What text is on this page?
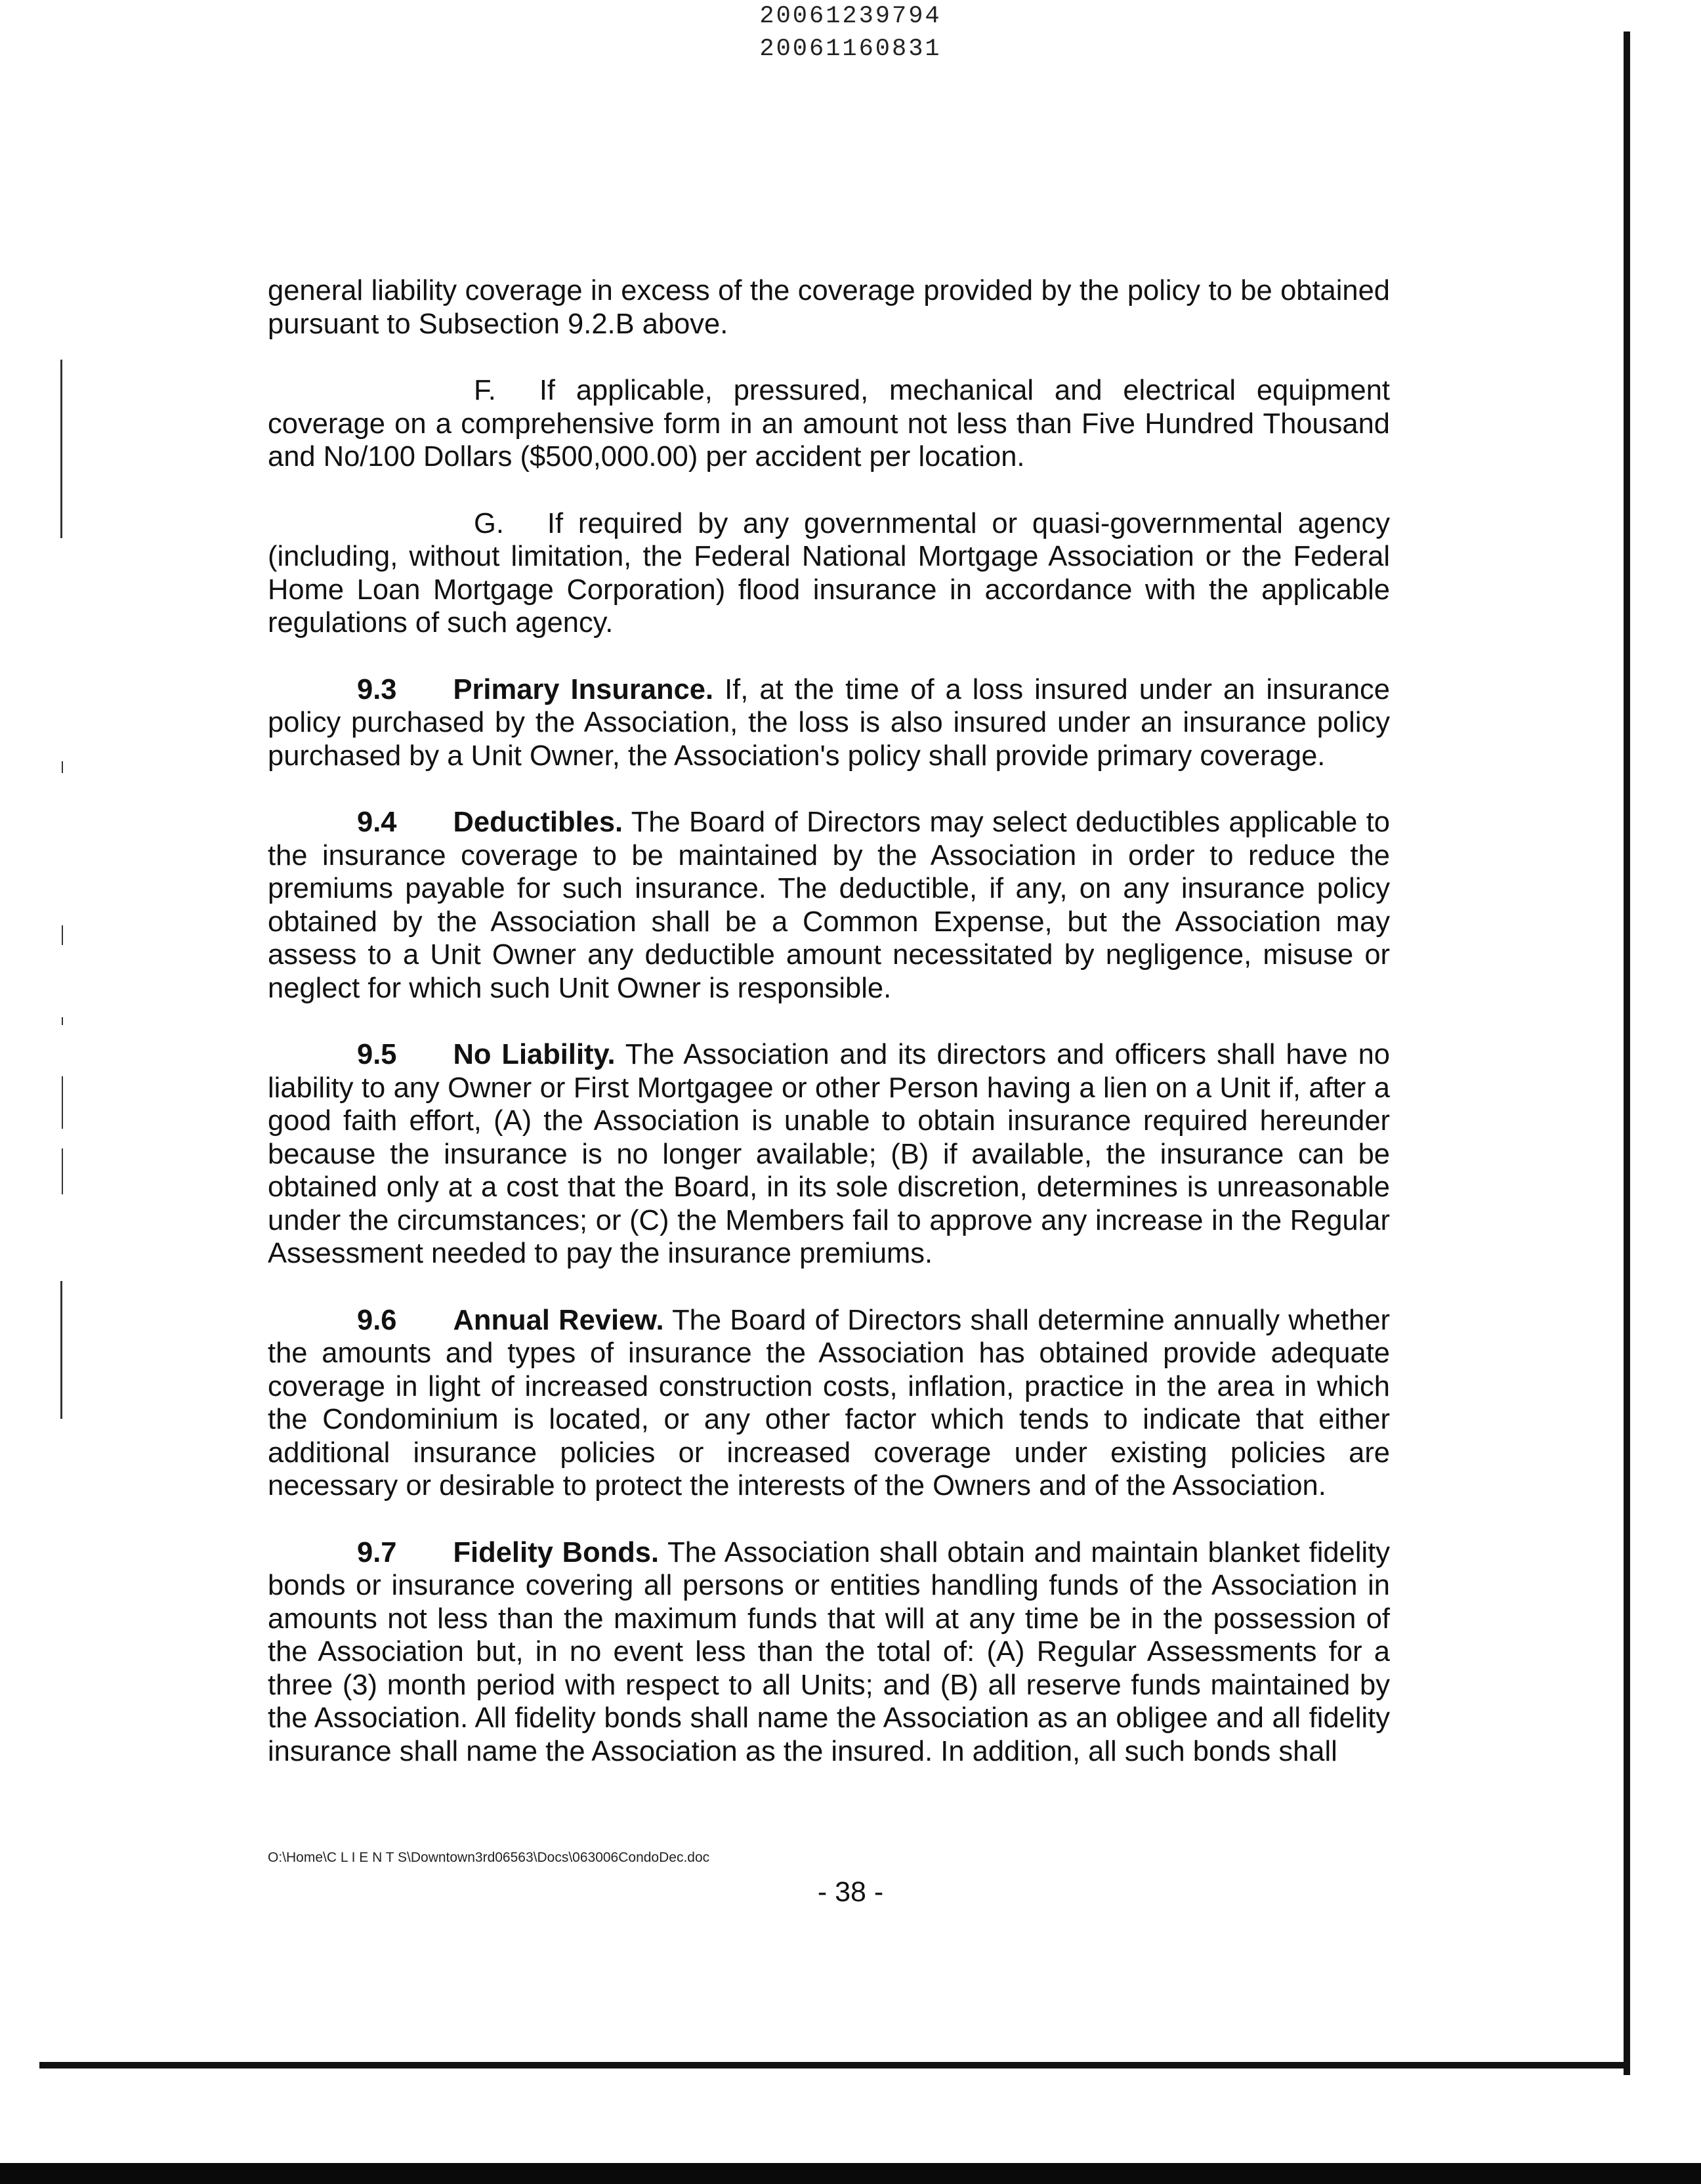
20061239794
20061160831

general liability coverage in excess of the coverage provided by the policy to be obtained pursuant to Subsection 9.2.B above.

F. If applicable, pressured, mechanical and electrical equipment coverage on a comprehensive form in an amount not less than Five Hundred Thousand and No/100 Dollars ($500,000.00) per accident per location.

G. If required by any governmental or quasi-governmental agency (including, without limitation, the Federal National Mortgage Association or the Federal Home Loan Mortgage Corporation) flood insurance in accordance with the applicable regulations of such agency.

9.3 Primary Insurance. If, at the time of a loss insured under an insurance policy purchased by the Association, the loss is also insured under an insurance policy purchased by a Unit Owner, the Association's policy shall provide primary coverage.

9.4 Deductibles. The Board of Directors may select deductibles applicable to the insurance coverage to be maintained by the Association in order to reduce the premiums payable for such insurance. The deductible, if any, on any insurance policy obtained by the Association shall be a Common Expense, but the Association may assess to a Unit Owner any deductible amount necessitated by negligence, misuse or neglect for which such Unit Owner is responsible.

9.5 No Liability. The Association and its directors and officers shall have no liability to any Owner or First Mortgagee or other Person having a lien on a Unit if, after a good faith effort, (A) the Association is unable to obtain insurance required hereunder because the insurance is no longer available; (B) if available, the insurance can be obtained only at a cost that the Board, in its sole discretion, determines is unreasonable under the circumstances; or (C) the Members fail to approve any increase in the Regular Assessment needed to pay the insurance premiums.

9.6 Annual Review. The Board of Directors shall determine annually whether the amounts and types of insurance the Association has obtained provide adequate coverage in light of increased construction costs, inflation, practice in the area in which the Condominium is located, or any other factor which tends to indicate that either additional insurance policies or increased coverage under existing policies are necessary or desirable to protect the interests of the Owners and of the Association.

9.7 Fidelity Bonds. The Association shall obtain and maintain blanket fidelity bonds or insurance covering all persons or entities handling funds of the Association in amounts not less than the maximum funds that will at any time be in the possession of the Association but, in no event less than the total of: (A) Regular Assessments for a three (3) month period with respect to all Units; and (B) all reserve funds maintained by the Association. All fidelity bonds shall name the Association as an obligee and all fidelity insurance shall name the Association as the insured. In addition, all such bonds shall

O:\Home\C L I E N T S\Downtown3rd06563\Docs\063006CondoDec.doc
- 38 -
